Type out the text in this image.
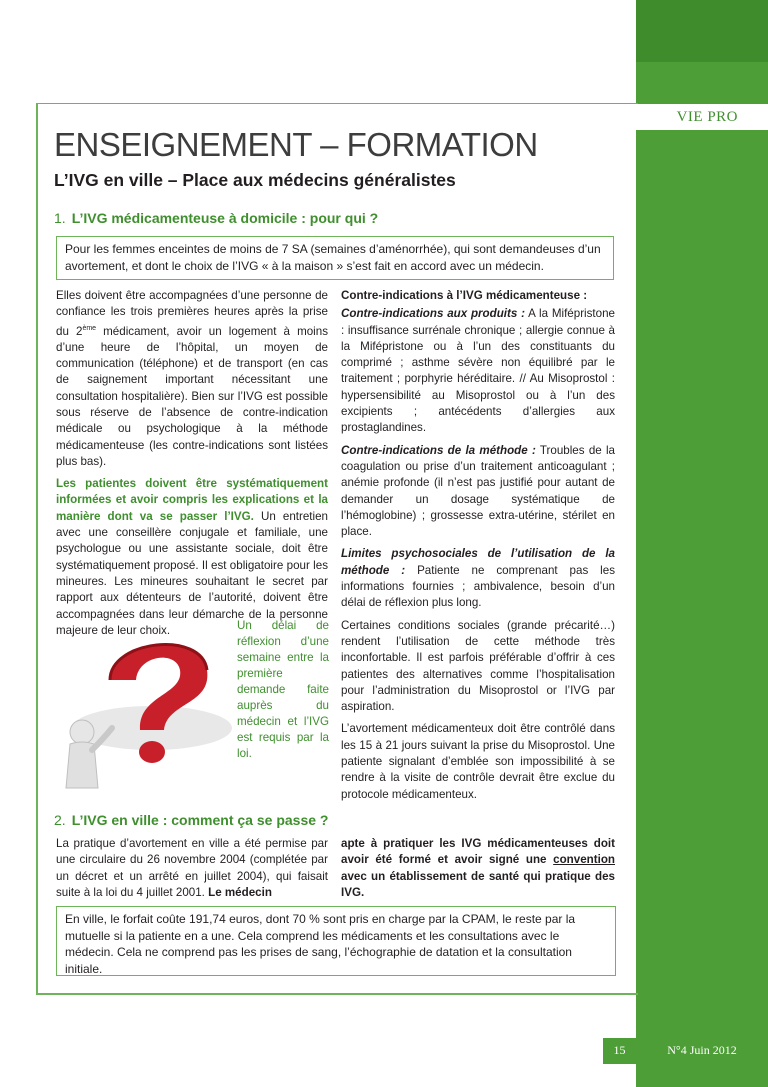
VIE PRO
ENSEIGNEMENT – FORMATION
L’IVG en ville – Place aux médecins généralistes
1. L’IVG médicamenteuse à domicile : pour qui ?
Pour les femmes enceintes de moins de 7 SA (semaines d’aménorrhée), qui sont demandeuses d’un avortement, et dont le choix de l’IVG « à la maison » s’est fait en accord avec un médecin.

Elles doivent être accompagnées d’une personne de confiance les trois premières heures après la prise du 2ème médicament, avoir un logement à moins d’une heure de l’hôpital, un moyen de communication (téléphone) et de transport (en cas de saignement important nécessitant une consultation hospitalière). Bien sur l’IVG est possible sous réserve de l’absence de contre-indication médicale ou psychologique à la méthode médicamenteuse (les contre-indications sont listées plus bas).

Les patientes doivent être systématiquement informées et avoir compris les explications et la manière dont va se passer l’IVG. Un entretien avec une conseillère conjugale et familiale, une psychologue ou une assistante sociale, doit être systématiquement proposé. Il est obligatoire pour les mineures. Les mineures souhaitant le secret par rapport aux détenteurs de l’autorité, doivent être accompagnées dans leur démarche de la personne majeure de leur choix.	Un délai de réflexion d’une semaine entre la première demande faite auprès du médecin et l’IVG est requis par la loi.

Contre-indications à l’IVG médicamenteuse :

Contre-indications aux produits : A la Mifépristone : insuffisance surrénale chronique ; allergie connue à la Mifépristone ou à l’un des constituants du comprimé ; asthme sévère non équilibré par le traitement ; porphyrie héréditaire. // Au Misoprostol : hypersensibilité au Misoprostol ou à l’un des excipients ; antécédents d’allergies aux prostaglandines.

Contre-indications de la méthode : Troubles de la coagulation ou prise d’un traitement anticoagulant ; anémie profonde (il n’est pas justifié pour autant de demander un dosage systématique de l’hémoglobine) ; grossesse extra-utérine, stérilet en place.

Limites psychosociales de l’utilisation de la méthode : Patiente ne comprenant pas les informations fournies ; ambivalence, besoin d’un délai de réflexion plus long.

Certaines conditions sociales (grande précarité…) rendent l’utilisation de cette méthode très inconfortable. Il est parfois préférable d’offrir à ces patientes des alternatives comme l’hospitalisation pour l’administration du Misoprostol or l’IVG par aspiration.

L’avortement médicamenteux doit être contrôlé dans les 15 à 21 jours suivant la prise du Misoprostol. Une patiente signalant d’emblée son impossibilité à se rendre à la visite de contrôle devrait être exclue du protocole médicamenteux.

2. L’IVG en ville : comment ça se passe ?

La pratique d’avortement en ville a été permise par une circulaire du 26 novembre 2004 (complétée par un décret et un arrêté en juillet 2004), qui faisait suite à la loi du 4 juillet 2001. Le médecin

apte à pratiquer les IVG médicamenteuses doit avoir été formé et avoir signé une convention avec un établissement de santé qui pratique des IVG.

En ville, le forfait coûte 191,74 euros, dont 70 % sont pris en charge par la CPAM, le reste par la mutuelle si la patiente en a une. Cela comprend les médicaments et les consultations avec le médecin. Cela ne comprend pas les prises de sang, l’échographie de datation et la consultation initiale.
15	N°4 Juin 2012
